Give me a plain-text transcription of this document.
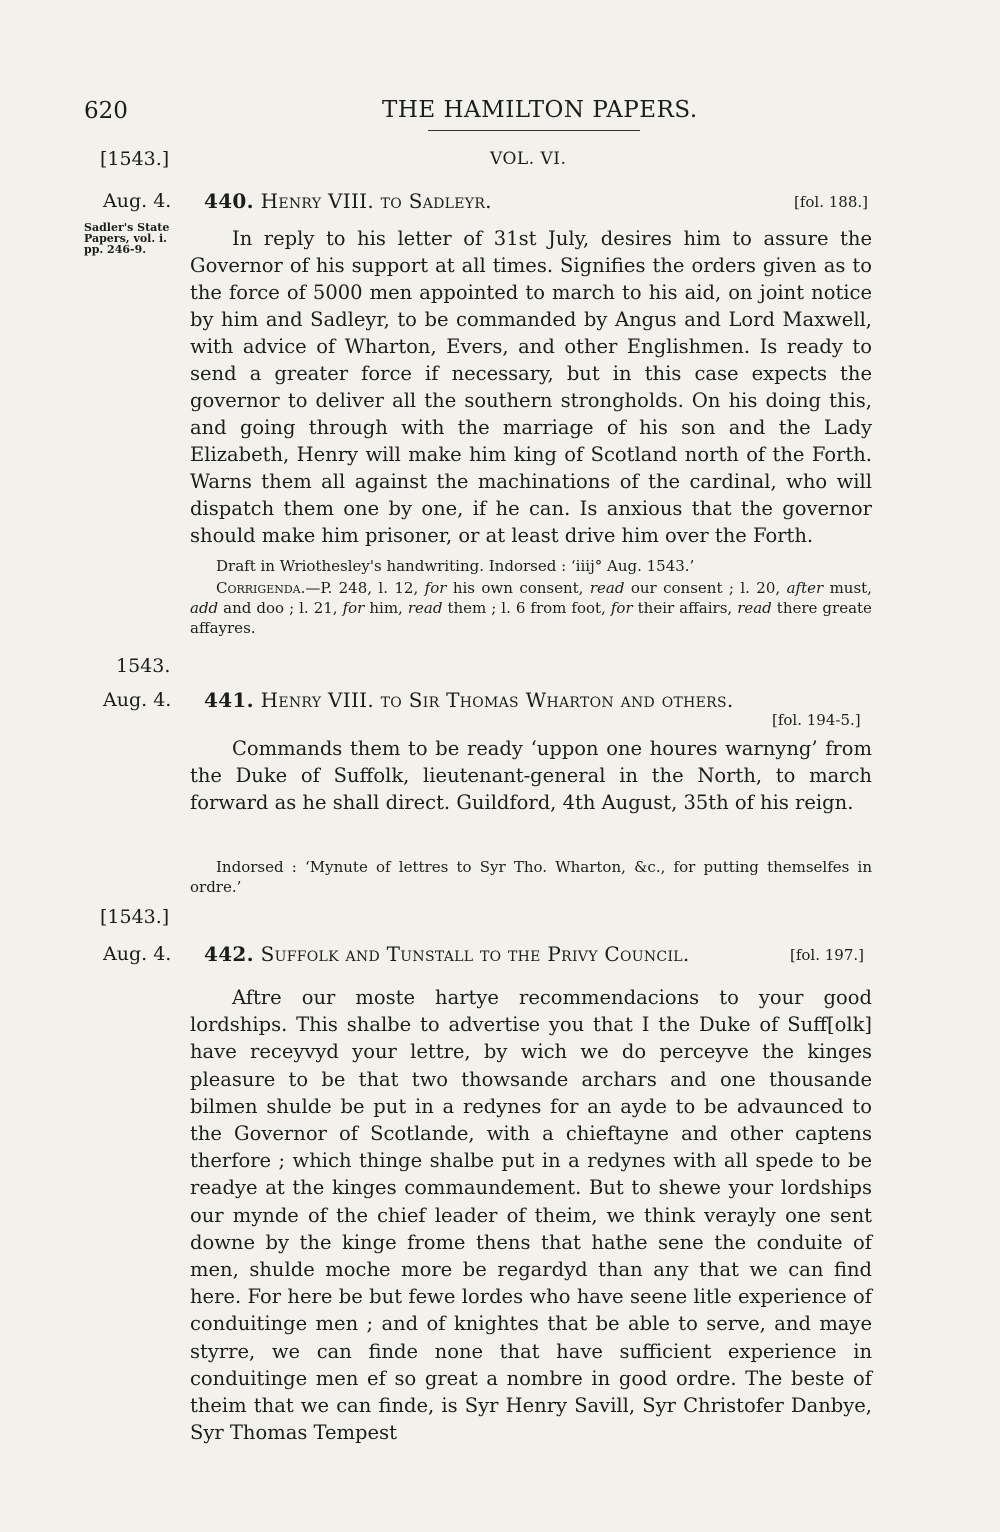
620	THE HAMILTON PAPERS.
VOL. VI.
[1543.]
Aug. 4. 440. Henry VIII. to Sadleyr.	[fol. 188.]
Sadler's State Papers, vol. i. pp. 246-9.	In reply to his letter of 31st July, desires him to assure the Governor of his support at all times. Signifies the orders given as to the force of 5000 men appointed to march to his aid, on joint notice by him and Sadleyr, to be commanded by Angus and Lord Maxwell, with advice of Wharton, Evers, and other Englishmen. Is ready to send a greater force if necessary, but in this case expects the governor to deliver all the southern strongholds. On his doing this, and going through with the marriage of his son and the Lady Elizabeth, Henry will make him king of Scotland north of the Forth. Warns them all against the machinations of the cardinal, who will dispatch them one by one, if he can. Is anxious that the governor should make him prisoner, or at least drive him over the Forth.
Draft in Wriothesley's handwriting. Indorsed : ‘iiij° Aug. 1543.’
Corrigenda.—P. 248, l. 12, for his own consent, read our consent ; l. 20, after must, add and doo ; l. 21, for him, read them ; l. 6 from foot, for their affairs, read there greate affayres.
1543.
Aug. 4. 441. Henry VIII. to Sir Thomas Wharton and others.
[fol. 194-5.]
Commands them to be ready ‘uppon one houres warnyng’ from the Duke of Suffolk, lieutenant-general in the North, to march forward as he shall direct. Guildford, 4th August, 35th of his reign.
Indorsed : ‘Mynute of lettres to Syr Tho. Wharton, &c., for putting themselfes in ordre.’
[1543.]
Aug. 4. 442. Suffolk and Tunstall to the Privy Council.	[fol. 197.]
Aftre our moste hartye recommendacions to your good lordships. This shalbe to advertise you that I the Duke of Suff[olk] have receyvyd your lettre, by wich we do perceyve the kinges pleasure to be that two thowsande archars and one thousande bilmen shulde be put in a redynes for an ayde to be advaunced to the Governor of Scotlande, with a chieftayne and other captens therfore ; which thinge shalbe put in a redynes with all spede to be readye at the kinges commaundement. But to shewe your lordships our mynde of the chief leader of theim, we think verayly one sent downe by the kinge frome thens that hathe sene the conduite of men, shulde moche more be regardyd than any that we can find here. For here be but fewe lordes who have seene litle experience of conduitinge men ; and of knightes that be able to serve, and maye styrre, we can finde none that have sufficient experience in conduitinge men ef so great a nombre in good ordre. The beste of theim that we can finde, is Syr Henry Savill, Syr Christofer Danbye, Syr Thomas Tempest
